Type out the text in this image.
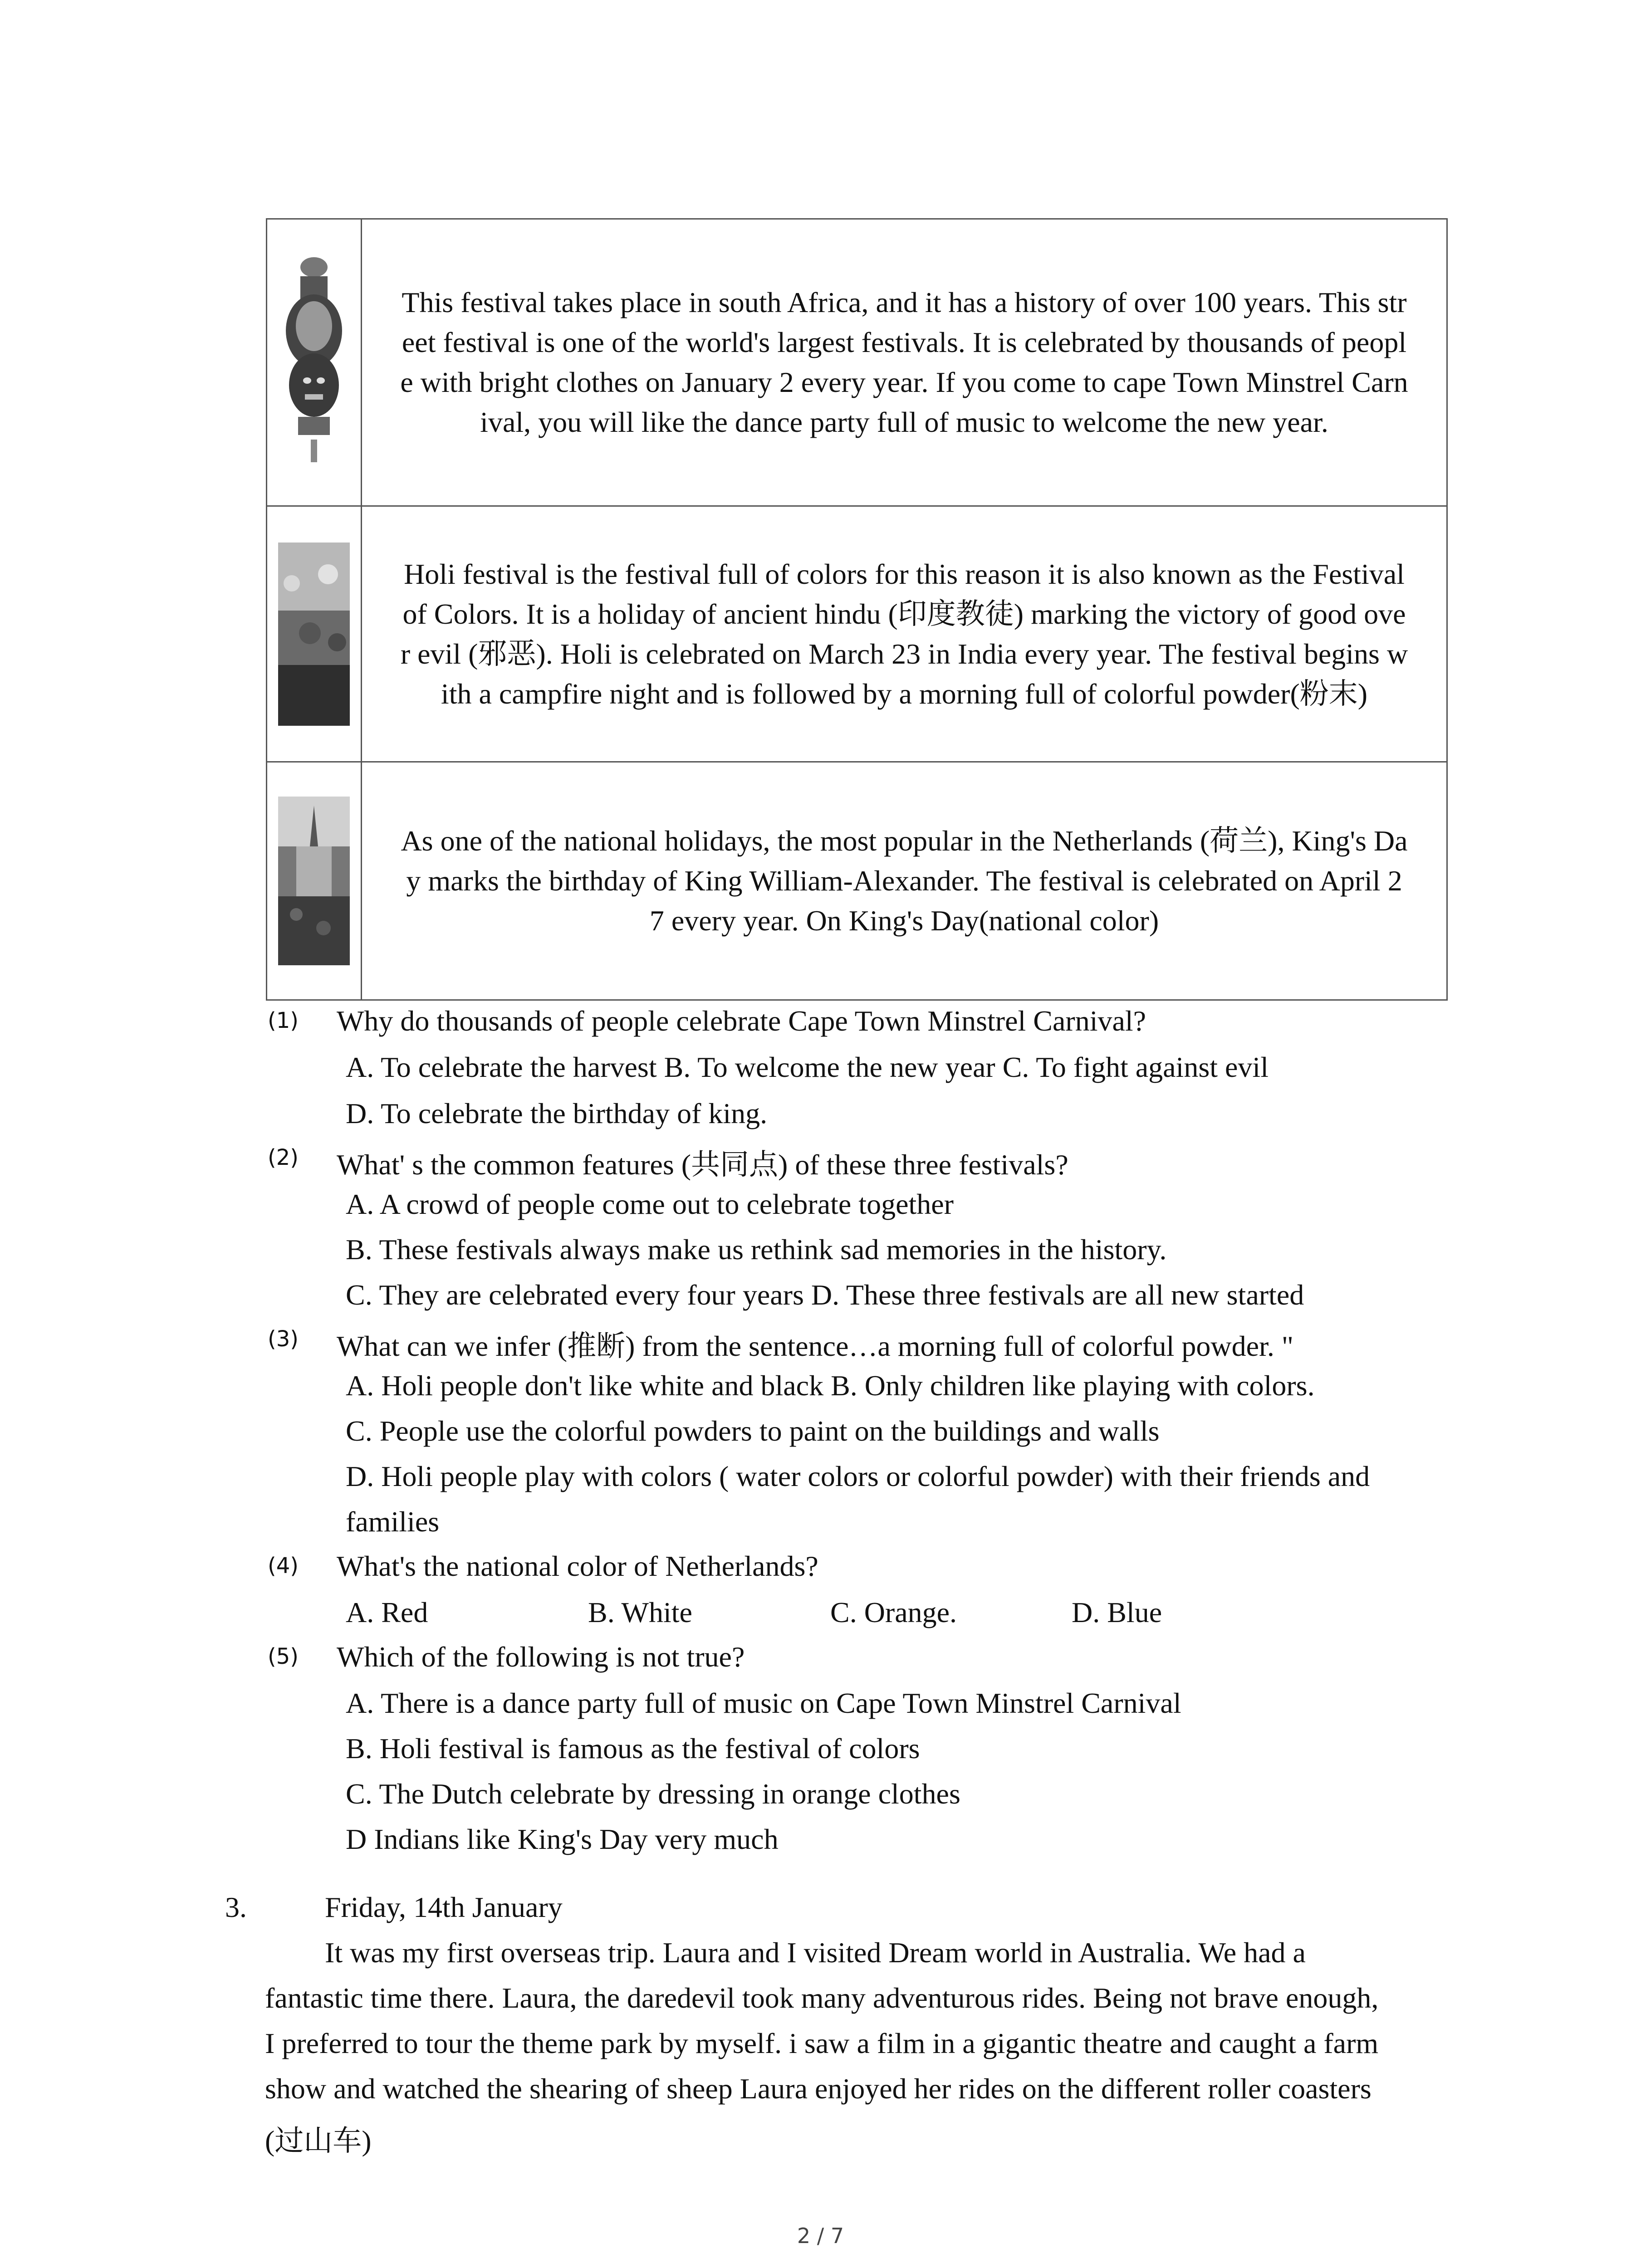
This festival takes place in south Africa, and it has a history of over 100 years. This str
eet festival is one of the world's largest festivals. It is celebrated by thousands of peopl
e with bright clothes on January 2 every year. If you come to cape Town Minstrel Carn
ival, you will like the dance party full of music to welcome the new year.

Holi festival is the festival full of colors for this reason it is also known as the Festival
of Colors. It is a holiday of ancient hindu (印度教徒) marking the victory of good ove
r evil (邪恶). Holi is celebrated on March 23 in India every year. The festival begins w
ith a campfire night and is followed by a morning full of colorful powder(粉末)

As one of the national holidays, the most popular in the Netherlands (荷兰), King's Da
y marks the birthday of King William-Alexander. The festival is celebrated on April 2
7 every year. On King's Day(national color)
(1) Why do thousands of people celebrate Cape Town Minstrel Carnival?
A. To celebrate the harvest B. To welcome the new year C. To fight against evil
D. To celebrate the birthday of king.
(2) What' s the common features (共同点) of these three festivals?
A. A crowd of people come out to celebrate together
B. These festivals always make us rethink sad memories in the history.
C. They are celebrated every four years D. These three festivals are all new started
(3) What can we infer (推断) from the sentence…a morning full of colorful powder. "
A. Holi people don't like white and black B. Only children like playing with colors.
C. People use the colorful powders to paint on the buildings and walls
D. Holi people play with colors ( water colors or colorful powder) with their friends and
families
(4) What's the national color of Netherlands?
A. Red	B. White	C. Orange.	D. Blue
(5) Which of the following is not true?
A. There is a dance party full of music on Cape Town Minstrel Carnival
B. Holi festival is famous as the festival of colors
C. The Dutch celebrate by dressing in orange clothes
D Indians like King's Day very much
3.	Friday, 14th January
It was my first overseas trip. Laura and I visited Dream world in Australia. We had a
fantastic time there. Laura, the daredevil took many adventurous rides. Being not brave enough,
I preferred to tour the theme park by myself. i saw a film in a gigantic theatre and caught a farm
show and watched the shearing of sheep Laura enjoyed her rides on the different roller coasters
(过山车)
2 / 7
